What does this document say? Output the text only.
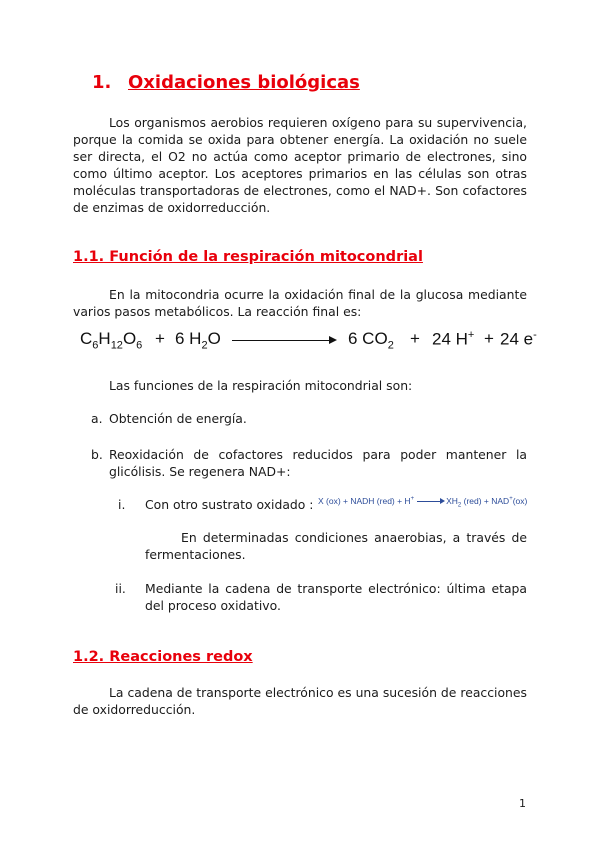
1. Oxidaciones biológicas
Los organismos aerobios requieren oxígeno para su supervivencia, porque la comida se oxida para obtener energía. La oxidación no suele ser directa, el O2 no actúa como aceptor primario de electrones, sino como último aceptor. Los aceptores primarios en las células son otras moléculas transportadoras de electrones, como el NAD+. Son cofactores de enzimas de oxidorreducción.
1.1. Función de la respiración mitocondrial
En la mitocondria ocurre la oxidación final de la glucosa mediante varios pasos metabólicos. La reacción final es:
$C_6H_{12}O_6 + 6$ $H_2O$	6 $CO_2 + 24$ H+ + 24 e-
Las funciones de la respiración mitocondrial son:
a. Obtención de energía.
b. Reoxidación de cofactores reducidos para poder mantener la glicólisis. Se regenera NAD+:
i. Con otro sustrato oxidado : X (ox) + NADH (red) + H+	$XH_2$ (red) + NAD+(ox)
En determinadas condiciones anaerobias, a través de fermentaciones.
ii. Mediante la cadena de transporte electrónico: última etapa del proceso oxidativo.
1.2. Reacciones redox
La cadena de transporte electrónico es una sucesión de reacciones de oxidorreducción.
1
